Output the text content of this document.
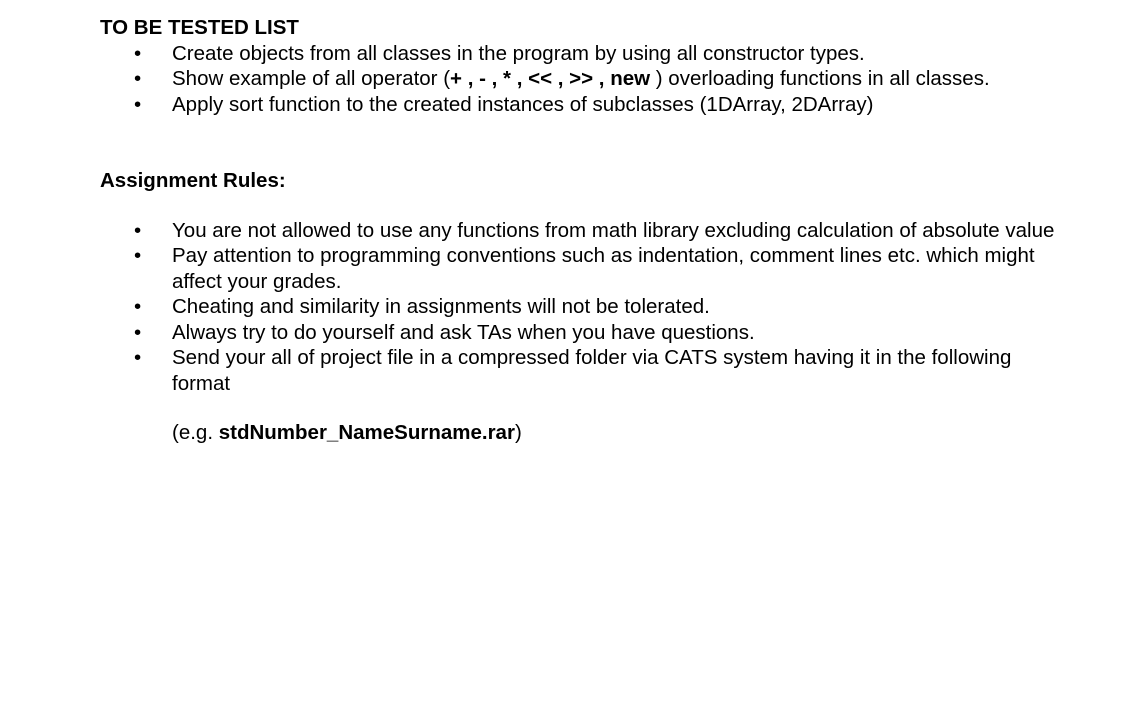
TO BE TESTED LIST
• Create objects from all classes in the program by using all constructor types.
• Show example of all operator (+ , - , * , << , >> , new ) overloading functions in all classes.
• Apply sort function to the created instances of subclasses (1DArray, 2DArray)
Assignment Rules:
• You are not allowed to use any functions from math library excluding calculation of absolute value
• Pay attention to programming conventions such as indentation, comment lines etc. which might affect your grades.
• Cheating and similarity in assignments will not be tolerated.
• Always try to do yourself and ask TAs when you have questions.
• Send your all of project file in a compressed folder via CATS system having it in the following format
(e.g. stdNumber_NameSurname.rar)
